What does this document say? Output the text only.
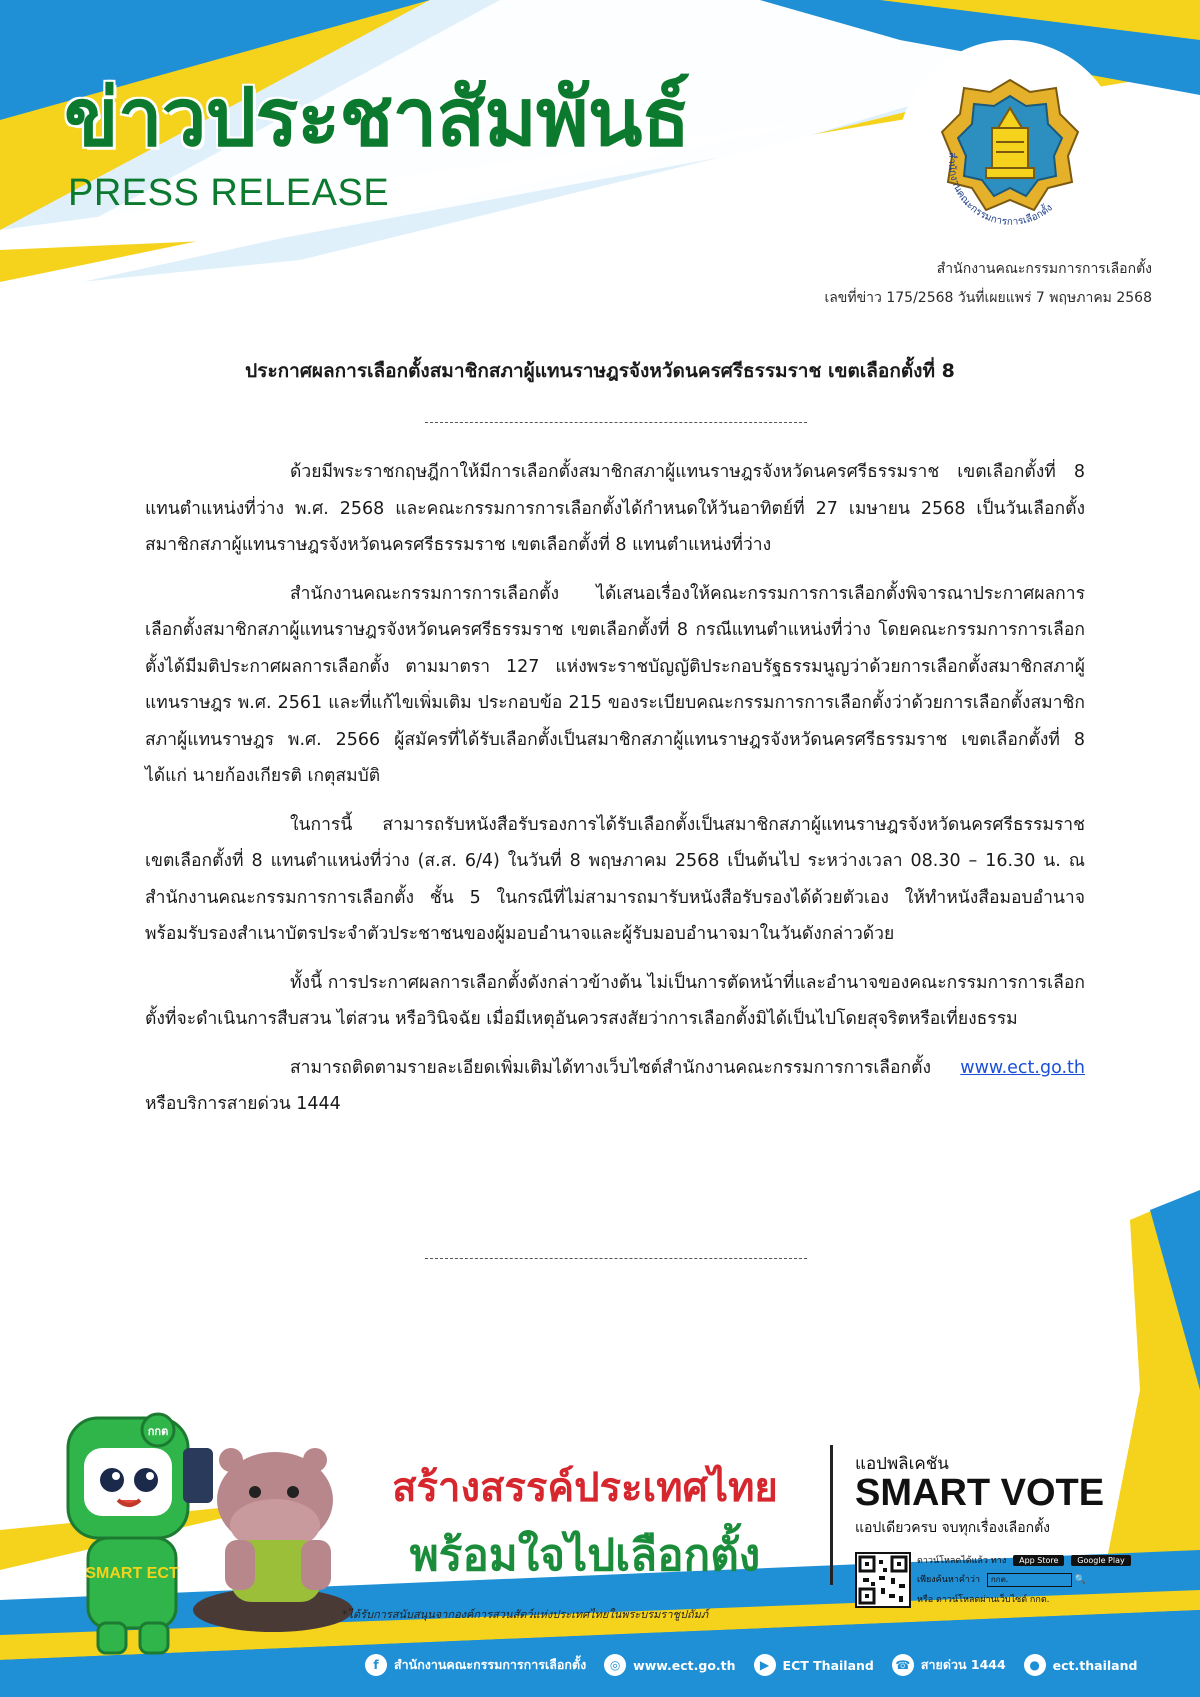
ข่าวประชาสัมพันธ์
PRESS RELEASE
สำนักงานคณะกรรมการการเลือกตั้ง
สำนักงานคณะกรรมการการเลือกตั้ง
เลขที่ข่าว 175/2568 วันที่เผยแพร่ 7 พฤษภาคม 2568
ประกาศผลการเลือกตั้งสมาชิกสภาผู้แทนราษฎรจังหวัดนครศรีธรรมราช เขตเลือกตั้งที่ 8

ด้วยมีพระราชกฤษฎีกาให้มีการเลือกตั้งสมาชิกสภาผู้แทนราษฎรจังหวัดนครศรีธรรมราช เขตเลือกตั้งที่ 8 แทนตำแหน่งที่ว่าง พ.ศ. 2568 และคณะกรรมการการเลือกตั้งได้กำหนดให้วันอาทิตย์ที่ 27 เมษายน 2568 เป็นวันเลือกตั้งสมาชิกสภาผู้แทนราษฎรจังหวัดนครศรีธรรมราช เขตเลือกตั้งที่ 8 แทนตำแหน่งที่ว่าง

สำนักงานคณะกรรมการการเลือกตั้ง ได้เสนอเรื่องให้คณะกรรมการการเลือกตั้งพิจารณาประกาศผลการเลือกตั้งสมาชิกสภาผู้แทนราษฎรจังหวัดนครศรีธรรมราช เขตเลือกตั้งที่ 8 กรณีแทนตำแหน่งที่ว่าง โดยคณะกรรมการการเลือกตั้งได้มีมติประกาศผลการเลือกตั้ง ตามมาตรา 127 แห่งพระราชบัญญัติประกอบรัฐธรรมนูญว่าด้วยการเลือกตั้งสมาชิกสภาผู้แทนราษฎร พ.ศ. 2561 และที่แก้ไขเพิ่มเติม ประกอบข้อ 215 ของระเบียบคณะกรรมการการเลือกตั้งว่าด้วยการเลือกตั้งสมาชิกสภาผู้แทนราษฎร พ.ศ. 2566 ผู้สมัครที่ได้รับเลือกตั้งเป็นสมาชิกสภาผู้แทนราษฎรจังหวัดนครศรีธรรมราช เขตเลือกตั้งที่ 8 ได้แก่ นายก้องเกียรติ เกตุสมบัติ

ในการนี้ สามารถรับหนังสือรับรองการได้รับเลือกตั้งเป็นสมาชิกสภาผู้แทนราษฎรจังหวัดนครศรีธรรมราช เขตเลือกตั้งที่ 8 แทนตำแหน่งที่ว่าง (ส.ส. 6/4) ในวันที่ 8 พฤษภาคม 2568 เป็นต้นไป ระหว่างเวลา 08.30 – 16.30 น. ณ สำนักงานคณะกรรมการการเลือกตั้ง ชั้น 5 ในกรณีที่ไม่สามารถมารับหนังสือรับรองได้ด้วยตัวเอง ให้ทำหนังสือมอบอำนาจพร้อมรับรองสำเนาบัตรประจำตัวประชาชนของผู้มอบอำนาจและผู้รับมอบอำนาจมาในวันดังกล่าวด้วย

ทั้งนี้ การประกาศผลการเลือกตั้งดังกล่าวข้างต้น ไม่เป็นการตัดหน้าที่และอำนาจของคณะกรรมการการเลือกตั้งที่จะดำเนินการสืบสวน ไต่สวน หรือวินิจฉัย เมื่อมีเหตุอันควรสงสัยว่าการเลือกตั้งมิได้เป็นไปโดยสุจริตหรือเที่ยงธรรม

สามารถติดตามรายละเอียดเพิ่มเติมได้ทางเว็บไซต์สำนักงานคณะกรรมการการเลือกตั้ง www.ect.go.th หรือบริการสายด่วน 1444

กกต
SMART ECT
สร้างสรรค์ประเทศไทย
พร้อมใจไปเลือกตั้ง
*ได้รับการสนับสนุนจากองค์การสวนสัตว์แห่งประเทศไทยในพระบรมราชูปถัมภ์
แอปพลิเคชัน
SMART VOTE
แอปเดียวครบ จบทุกเรื่องเลือกตั้ง
ดาวน์โหลดได้แล้ว ทาง App Store Google Play
เพียงค้นหาคำว่า กกต.	🔍
หรือ ดาวน์โหลดผ่านเว็บไซต์ กกต.
f	สำนักงานคณะกรรมการการเลือกตั้ง	◎	www.ect.go.th	▶	ECT Thailand ☎ สายด่วน 1444	●	ect.thailand
